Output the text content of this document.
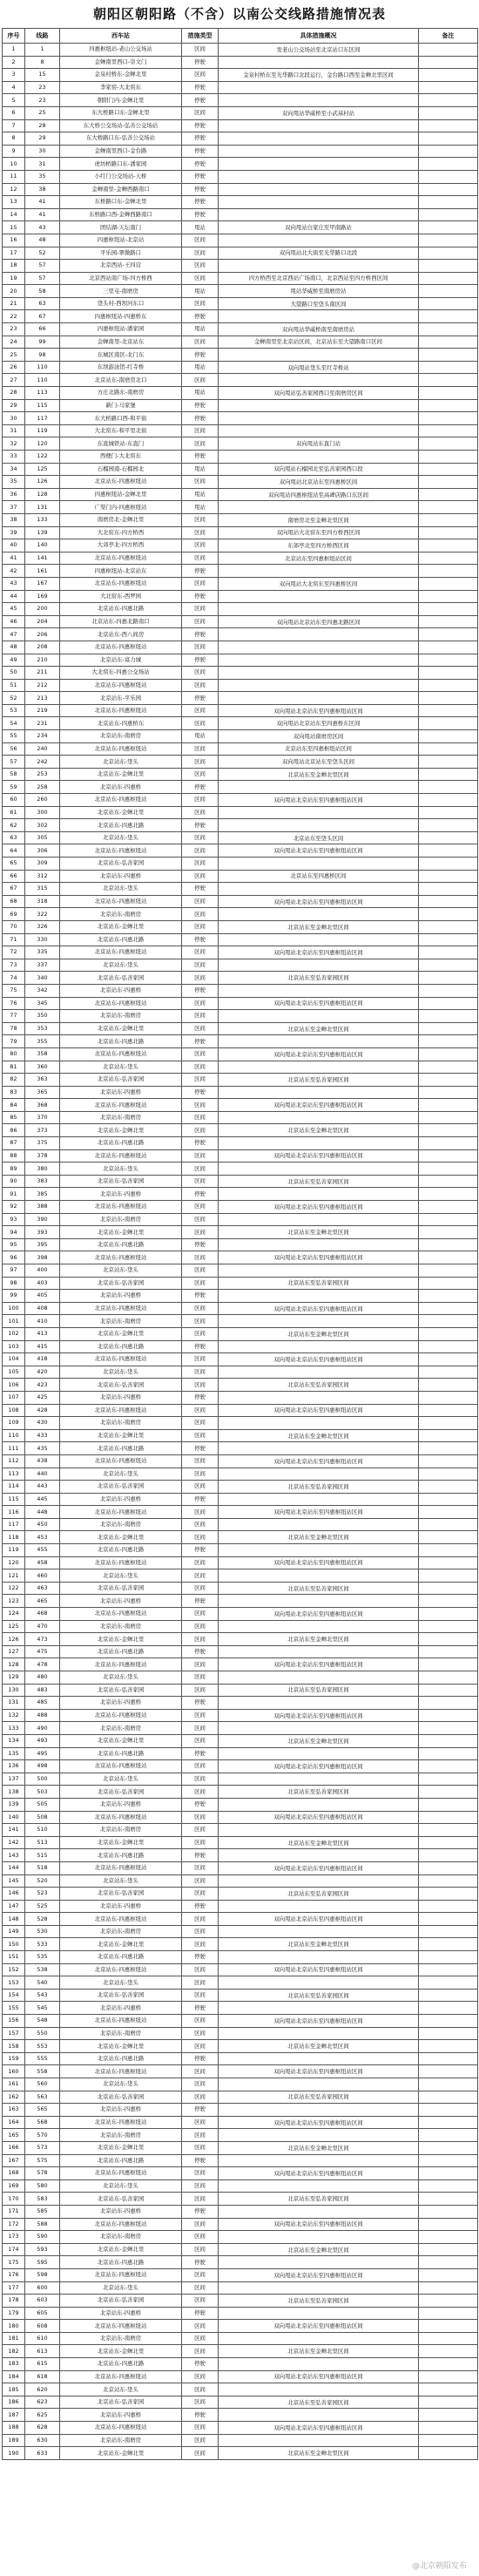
朝阳区朝阳路（不含）以南公交线路措施情况表
序号	线路	西车站	措施类型	具体措施概况	备注
1	1	四惠枢纽站-老山公交场站	区间	发老山公交场站至北京站口东区间	
2	8	金蝉南里西口-崇文门	停驶		
3	15	金泉村桥东-金蝉北里	区间	金泉村桥东至光华路口北段运行，金台路口西至金蝉北里区间	
4	23	李家窑-大北窑东	停驶		
5	23	朝阳门内-金蝉北里	停驶		
6	25	东大桥路口东-金蝉北里	区间	双向甩站华威桥至小武基村站	
7	28	东大桥公交场站-弘善公交场站	停驶		
8	29	东大桥路口东-弘善公交场站	停驶		
9	30	金蝉南里西口-金台路	停驶		
10	31	虎坊桥路口东-潘家园	停驶		
11	35	小红门公交场站-天桥	停驶		
12	38	金蝉南里-金蝉西路南口	停驶		
13	41	东桥路口东-金蝉北里	停驶		
14	41	东桥路口西-金蝉西路南口	停驶		
15	43	团结湖-天坛南门	甩站	双向甩站白家庄至甲南路站	
16	48	四惠枢纽站-北京站	区间		
17	52	平乐园-翠微路口	区间	双向甩站北大街至光华路口北段	
18	57	北京西站-王四营	区间		
19	57	北京西站南广场-四方桥西	区间	四方桥西至北京西站广场南口，北京西站至四方桥西区间	
20	58	三里屯-南磨房	甩站	甩站华威桥至南磨房站	
21	63	垡头村-西坝河东口	区间	大望路口至垡头南区间	
22	67	四惠枢纽站-四惠桥东	停驶		
23	66	四惠枢纽站-潘家园	甩站	双向甩站华威桥南至南磨房站	
24	99	金蝉南里-北京站东	区间	金蝉南里至北京站区间，北京站东至大望路南口区间	
25	98	东城区南区-北门东	停驶		
26	110	东坝游泳馆-红寺桥	甩站	双向甩站垡头至红寺桥站	
27	110	北京站东-南磨房北口	区间		
28	113	方庄北路东-南磨房	甩站	双向甩站弘善家园西口至南磨房区间	
29	115	新门-马家堡	停驶		
30	117	东大桥路口西-和平街	停驶		
31	119	大北窑东-和平里北街	区间		
32	120	东直城铁站-东直门	区间	双向甩站东直门站	
33	122	西便门-大北窑东	停驶		
34	125	石榴园南-石榴园北	甩站	双向甩站石榴园北至弘善家园西口段	
35	126	北京站东-四惠枢纽站	区间	双向甩站北京站东至四惠桥区间	
36	128	四惠枢纽站-金蝉北里	甩站	双向甩站四惠枢纽站至高碑店路口东区间	
37	131	广渠门内-四惠枢纽站	甩站		
38	133	南磨房北-金蝉北里	区间	南磨房北至金蝉北里区间	
39	139	大北窑东-四方桥西	区间	双向甩站大北窑东至四方桥西区间	
40	140	大郊亭北-四方桥西	区间	东郊亭北至四方桥西区间	
41	141	北京站东-四惠枢纽站	区间	北京站东至四惠枢纽站区间	
42	161	四惠枢纽站-北京站东	停驶		
43	167	北京站东-四惠枢纽站	区间	双向甩站大北窑东至四惠桥区间	
44	169	大北窑东-西罗园	停驶		
45	200	北京站东-四惠北路	区间		
46	204	北京站东-四惠北路南口	区间	双向甩站北京站东至四惠北路区间	
47	206	北京站东-西八间房	停驶		
48	208	北京站东-四惠枢纽站	区间		
49	210	北京站东-富力城	停驶		
50	211	大北窑东-四惠公交场站	区间		
51	212	北京站东-四惠枢纽站	区间		
52	213	北京站东-平乐园	停驶		
53	219	北京站东-四惠枢纽站	区间	双向甩站北京站东至四惠枢纽站区间	
54	231	北京站东-四惠桥东	区间	双向甩站北京站东至四惠桥东区间	
55	234	北京站东-南磨房	甩站	双向甩站南磨房区间	
56	240	北京站东-四惠枢纽站	区间	北京站东至四惠枢纽站区间	
57	242	北京站东-垡头	区间	双向甩站北京站东至垡头区间	
58	253	北京站东-金蝉北里	区间	北京站东至金蝉北里区间	
59	258	北京站东-四惠桥	停驶		
60	260	北京站东-四惠枢纽站	区间	双向甩站北京站东至四惠枢纽站区间	
61	300	北京站东-金蝉北里	区间		
62	302	北京站东-四惠北路	停驶		
63	305	北京站东-垡头	区间	北京站东至垡头区间	
64	306	北京站东-四惠枢纽站	区间	双向甩站北京站东至四惠枢纽站区间	
65	309	北京站东-弘善家园	区间		
66	312	北京站东-四惠桥	区间	北京站东至四惠桥区间	
67	315	北京站东-垡头	停驶		
68	318	北京站东-四惠枢纽站	区间	双向甩站北京站东至四惠枢纽站区间	
69	322	北京站东-南磨房	区间		
70	326	北京站东-金蝉北里	区间	北京站东至金蝉北里区间	
71	330	北京站东-四惠北路	停驶		
72	335	北京站东-四惠枢纽站	区间	双向甩站北京站东至四惠枢纽站区间	
73	337	北京站东-垡头	区间		
74	340	北京站东-弘善家园	区间	北京站东至弘善家园区间	
75	342	北京站东-四惠桥	停驶		
76	345	北京站东-四惠枢纽站	区间	双向甩站北京站东至四惠枢纽站区间	
77	350	北京站东-南磨房	区间		
78	353	北京站东-金蝉北里	区间	北京站东至金蝉北里区间	
79	355	北京站东-四惠北路	停驶		
80	358	北京站东-四惠枢纽站	区间	双向甩站北京站东至四惠枢纽站区间	
81	360	北京站东-垡头	区间		
82	363	北京站东-弘善家园	区间	北京站东至弘善家园区间	
83	365	北京站东-四惠桥	停驶		
84	368	北京站东-四惠枢纽站	区间	双向甩站北京站东至四惠枢纽站区间	
85	370	北京站东-南磨房	区间		
86	373	北京站东-金蝉北里	区间	北京站东至金蝉北里区间	
87	375	北京站东-四惠北路	停驶		
88	378	北京站东-四惠枢纽站	区间	双向甩站北京站东至四惠枢纽站区间	
89	380	北京站东-垡头	区间		
90	383	北京站东-弘善家园	区间	北京站东至弘善家园区间	
91	385	北京站东-四惠桥	停驶		
92	388	北京站东-四惠枢纽站	区间	双向甩站北京站东至四惠枢纽站区间	
93	390	北京站东-南磨房	区间		
94	393	北京站东-金蝉北里	区间	北京站东至金蝉北里区间	
95	395	北京站东-四惠北路	停驶		
96	398	北京站东-四惠枢纽站	区间	双向甩站北京站东至四惠枢纽站区间	
97	400	北京站东-垡头	区间		
98	403	北京站东-弘善家园	区间	北京站东至弘善家园区间	
99	405	北京站东-四惠桥	停驶		
100	408	北京站东-四惠枢纽站	区间	双向甩站北京站东至四惠枢纽站区间	
101	410	北京站东-南磨房	区间		
102	413	北京站东-金蝉北里	区间	北京站东至金蝉北里区间	
103	415	北京站东-四惠北路	停驶		
104	418	北京站东-四惠枢纽站	区间	双向甩站北京站东至四惠枢纽站区间	
105	420	北京站东-垡头	区间		
106	423	北京站东-弘善家园	区间	北京站东至弘善家园区间	
107	425	北京站东-四惠桥	停驶		
108	428	北京站东-四惠枢纽站	区间	双向甩站北京站东至四惠枢纽站区间	
109	430	北京站东-南磨房	区间		
110	433	北京站东-金蝉北里	区间	北京站东至金蝉北里区间	
111	435	北京站东-四惠北路	停驶		
112	438	北京站东-四惠枢纽站	区间	双向甩站北京站东至四惠枢纽站区间	
113	440	北京站东-垡头	区间		
114	443	北京站东-弘善家园	区间	北京站东至弘善家园区间	
115	445	北京站东-四惠桥	停驶		
116	448	北京站东-四惠枢纽站	区间	双向甩站北京站东至四惠枢纽站区间	
117	450	北京站东-南磨房	区间		
118	453	北京站东-金蝉北里	区间	北京站东至金蝉北里区间	
119	455	北京站东-四惠北路	停驶		
120	458	北京站东-四惠枢纽站	区间	双向甩站北京站东至四惠枢纽站区间	
121	460	北京站东-垡头	区间		
122	463	北京站东-弘善家园	区间	北京站东至弘善家园区间	
123	465	北京站东-四惠桥	停驶		
124	468	北京站东-四惠枢纽站	区间	双向甩站北京站东至四惠枢纽站区间	
125	470	北京站东-南磨房	区间		
126	473	北京站东-金蝉北里	区间	北京站东至金蝉北里区间	
127	475	北京站东-四惠北路	停驶		
128	478	北京站东-四惠枢纽站	区间	双向甩站北京站东至四惠枢纽站区间	
129	480	北京站东-垡头	区间		
130	483	北京站东-弘善家园	区间	北京站东至弘善家园区间	
131	485	北京站东-四惠桥	停驶		
132	488	北京站东-四惠枢纽站	区间	双向甩站北京站东至四惠枢纽站区间	
133	490	北京站东-南磨房	区间		
134	493	北京站东-金蝉北里	区间	北京站东至金蝉北里区间	
135	495	北京站东-四惠北路	停驶		
136	498	北京站东-四惠枢纽站	区间	双向甩站北京站东至四惠枢纽站区间	
137	500	北京站东-垡头	区间		
138	503	北京站东-弘善家园	区间	北京站东至弘善家园区间	
139	505	北京站东-四惠桥	停驶		
140	508	北京站东-四惠枢纽站	区间	双向甩站北京站东至四惠枢纽站区间	
141	510	北京站东-南磨房	区间		
142	513	北京站东-金蝉北里	区间	北京站东至金蝉北里区间	
143	515	北京站东-四惠北路	停驶		
144	518	北京站东-四惠枢纽站	区间	双向甩站北京站东至四惠枢纽站区间	
145	520	北京站东-垡头	区间		
146	523	北京站东-弘善家园	区间	北京站东至弘善家园区间	
147	525	北京站东-四惠桥	停驶		
148	528	北京站东-四惠枢纽站	区间	双向甩站北京站东至四惠枢纽站区间	
149	530	北京站东-南磨房	区间		
150	533	北京站东-金蝉北里	区间	北京站东至金蝉北里区间	
151	535	北京站东-四惠北路	停驶		
152	538	北京站东-四惠枢纽站	区间	双向甩站北京站东至四惠枢纽站区间	
153	540	北京站东-垡头	区间		
154	543	北京站东-弘善家园	区间	北京站东至弘善家园区间	
155	545	北京站东-四惠桥	停驶		
156	548	北京站东-四惠枢纽站	区间	双向甩站北京站东至四惠枢纽站区间	
157	550	北京站东-南磨房	区间		
158	553	北京站东-金蝉北里	区间	北京站东至金蝉北里区间	
159	555	北京站东-四惠北路	停驶		
160	558	北京站东-四惠枢纽站	区间	双向甩站北京站东至四惠枢纽站区间	
161	560	北京站东-垡头	区间		
162	563	北京站东-弘善家园	区间	北京站东至弘善家园区间	
163	565	北京站东-四惠桥	停驶		
164	568	北京站东-四惠枢纽站	区间	双向甩站北京站东至四惠枢纽站区间	
165	570	北京站东-南磨房	区间		
166	573	北京站东-金蝉北里	区间	北京站东至金蝉北里区间	
167	575	北京站东-四惠北路	停驶		
168	578	北京站东-四惠枢纽站	区间	双向甩站北京站东至四惠枢纽站区间	
169	580	北京站东-垡头	区间		
170	583	北京站东-弘善家园	区间	北京站东至弘善家园区间	
171	585	北京站东-四惠桥	停驶		
172	588	北京站东-四惠枢纽站	区间	双向甩站北京站东至四惠枢纽站区间	
173	590	北京站东-南磨房	区间		
174	593	北京站东-金蝉北里	区间	北京站东至金蝉北里区间	
175	595	北京站东-四惠北路	停驶		
176	598	北京站东-四惠枢纽站	区间	双向甩站北京站东至四惠枢纽站区间	
177	600	北京站东-垡头	区间		
178	603	北京站东-弘善家园	区间	北京站东至弘善家园区间	
179	605	北京站东-四惠桥	停驶		
180	608	北京站东-四惠枢纽站	区间	双向甩站北京站东至四惠枢纽站区间	
181	610	北京站东-南磨房	区间		
182	613	北京站东-金蝉北里	区间	北京站东至金蝉北里区间	
183	615	北京站东-四惠北路	停驶		
184	618	北京站东-四惠枢纽站	区间	双向甩站北京站东至四惠枢纽站区间	
185	620	北京站东-垡头	区间		
186	623	北京站东-弘善家园	区间	北京站东至弘善家园区间	
187	625	北京站东-四惠桥	停驶		
188	628	北京站东-四惠枢纽站	区间	双向甩站北京站东至四惠枢纽站区间	
189	630	北京站东-南磨房	区间		
190	633	北京站东-金蝉北里	区间	北京站东至金蝉北里区间	
@北京朝阳发布
